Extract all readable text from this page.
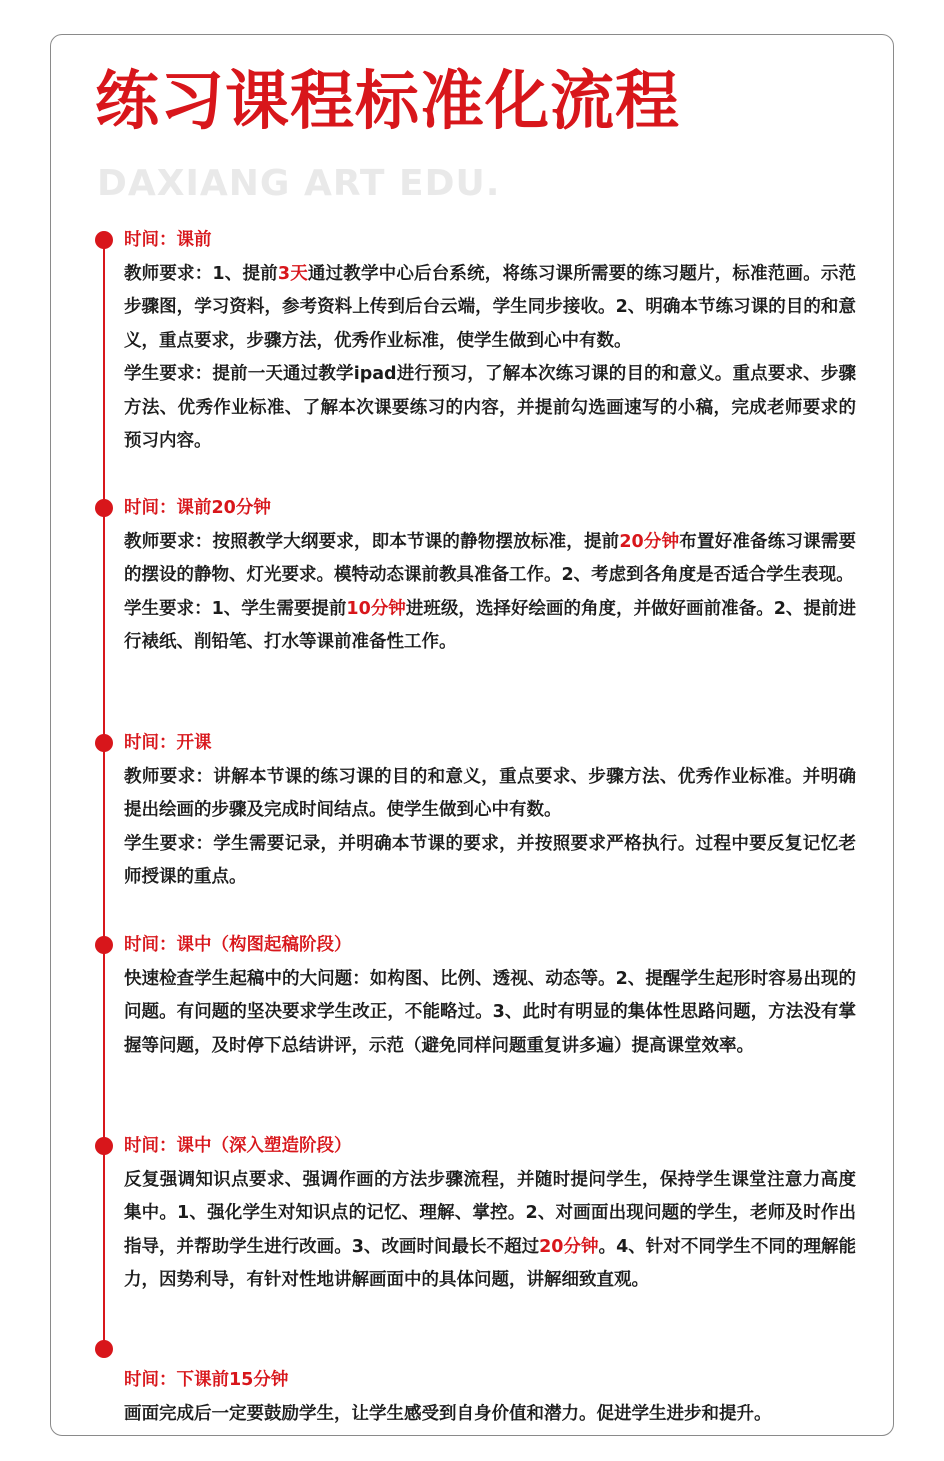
练习课程标准化流程
DAXIANG ART EDU.
时间：课前

教师要求：1、提前3天通过教学中心后台系统，将练习课所需要的练习题片，标准范画。示范步骤图，学习资料，参考资料上传到后台云端，学生同步接收。2、明确本节练习课的目的和意义，重点要求，步骤方法，优秀作业标准，使学生做到心中有数。

学生要求：提前一天通过教学ipad进行预习，了解本次练习课的目的和意义。重点要求、步骤方法、优秀作业标准、了解本次课要练习的内容，并提前勾选画速写的小稿，完成老师要求的预习内容。

时间：课前20分钟

教师要求：按照教学大纲要求，即本节课的静物摆放标准，提前20分钟布置好准备练习课需要的摆设的静物、灯光要求。模特动态课前教具准备工作。2、考虑到各角度是否适合学生表现。

学生要求：1、学生需要提前10分钟进班级，选择好绘画的角度，并做好画前准备。2、提前进行裱纸、削铅笔、打水等课前准备性工作。

时间：开课

教师要求：讲解本节课的练习课的目的和意义，重点要求、步骤方法、优秀作业标准。并明确提出绘画的步骤及完成时间结点。使学生做到心中有数。

学生要求：学生需要记录，并明确本节课的要求，并按照要求严格执行。过程中要反复记忆老师授课的重点。

时间：课中（构图起稿阶段）

快速检查学生起稿中的大问题：如构图、比例、透视、动态等。2、提醒学生起形时容易出现的问题。有问题的坚决要求学生改正，不能略过。3、此时有明显的集体性思路问题，方法没有掌握等问题，及时停下总结讲评，示范（避免同样问题重复讲多遍）提高课堂效率。

时间：课中（深入塑造阶段）

反复强调知识点要求、强调作画的方法步骤流程，并随时提问学生，保持学生课堂注意力高度集中。1、强化学生对知识点的记忆、理解、掌控。2、对画面出现问题的学生，老师及时作出指导，并帮助学生进行改画。3、改画时间最长不超过20分钟。4、针对不同学生不同的理解能力，因势利导，有针对性地讲解画面中的具体问题，讲解细致直观。

时间：下课前15分钟

画面完成后一定要鼓励学生，让学生感受到自身价值和潜力。促进学生进步和提升。
